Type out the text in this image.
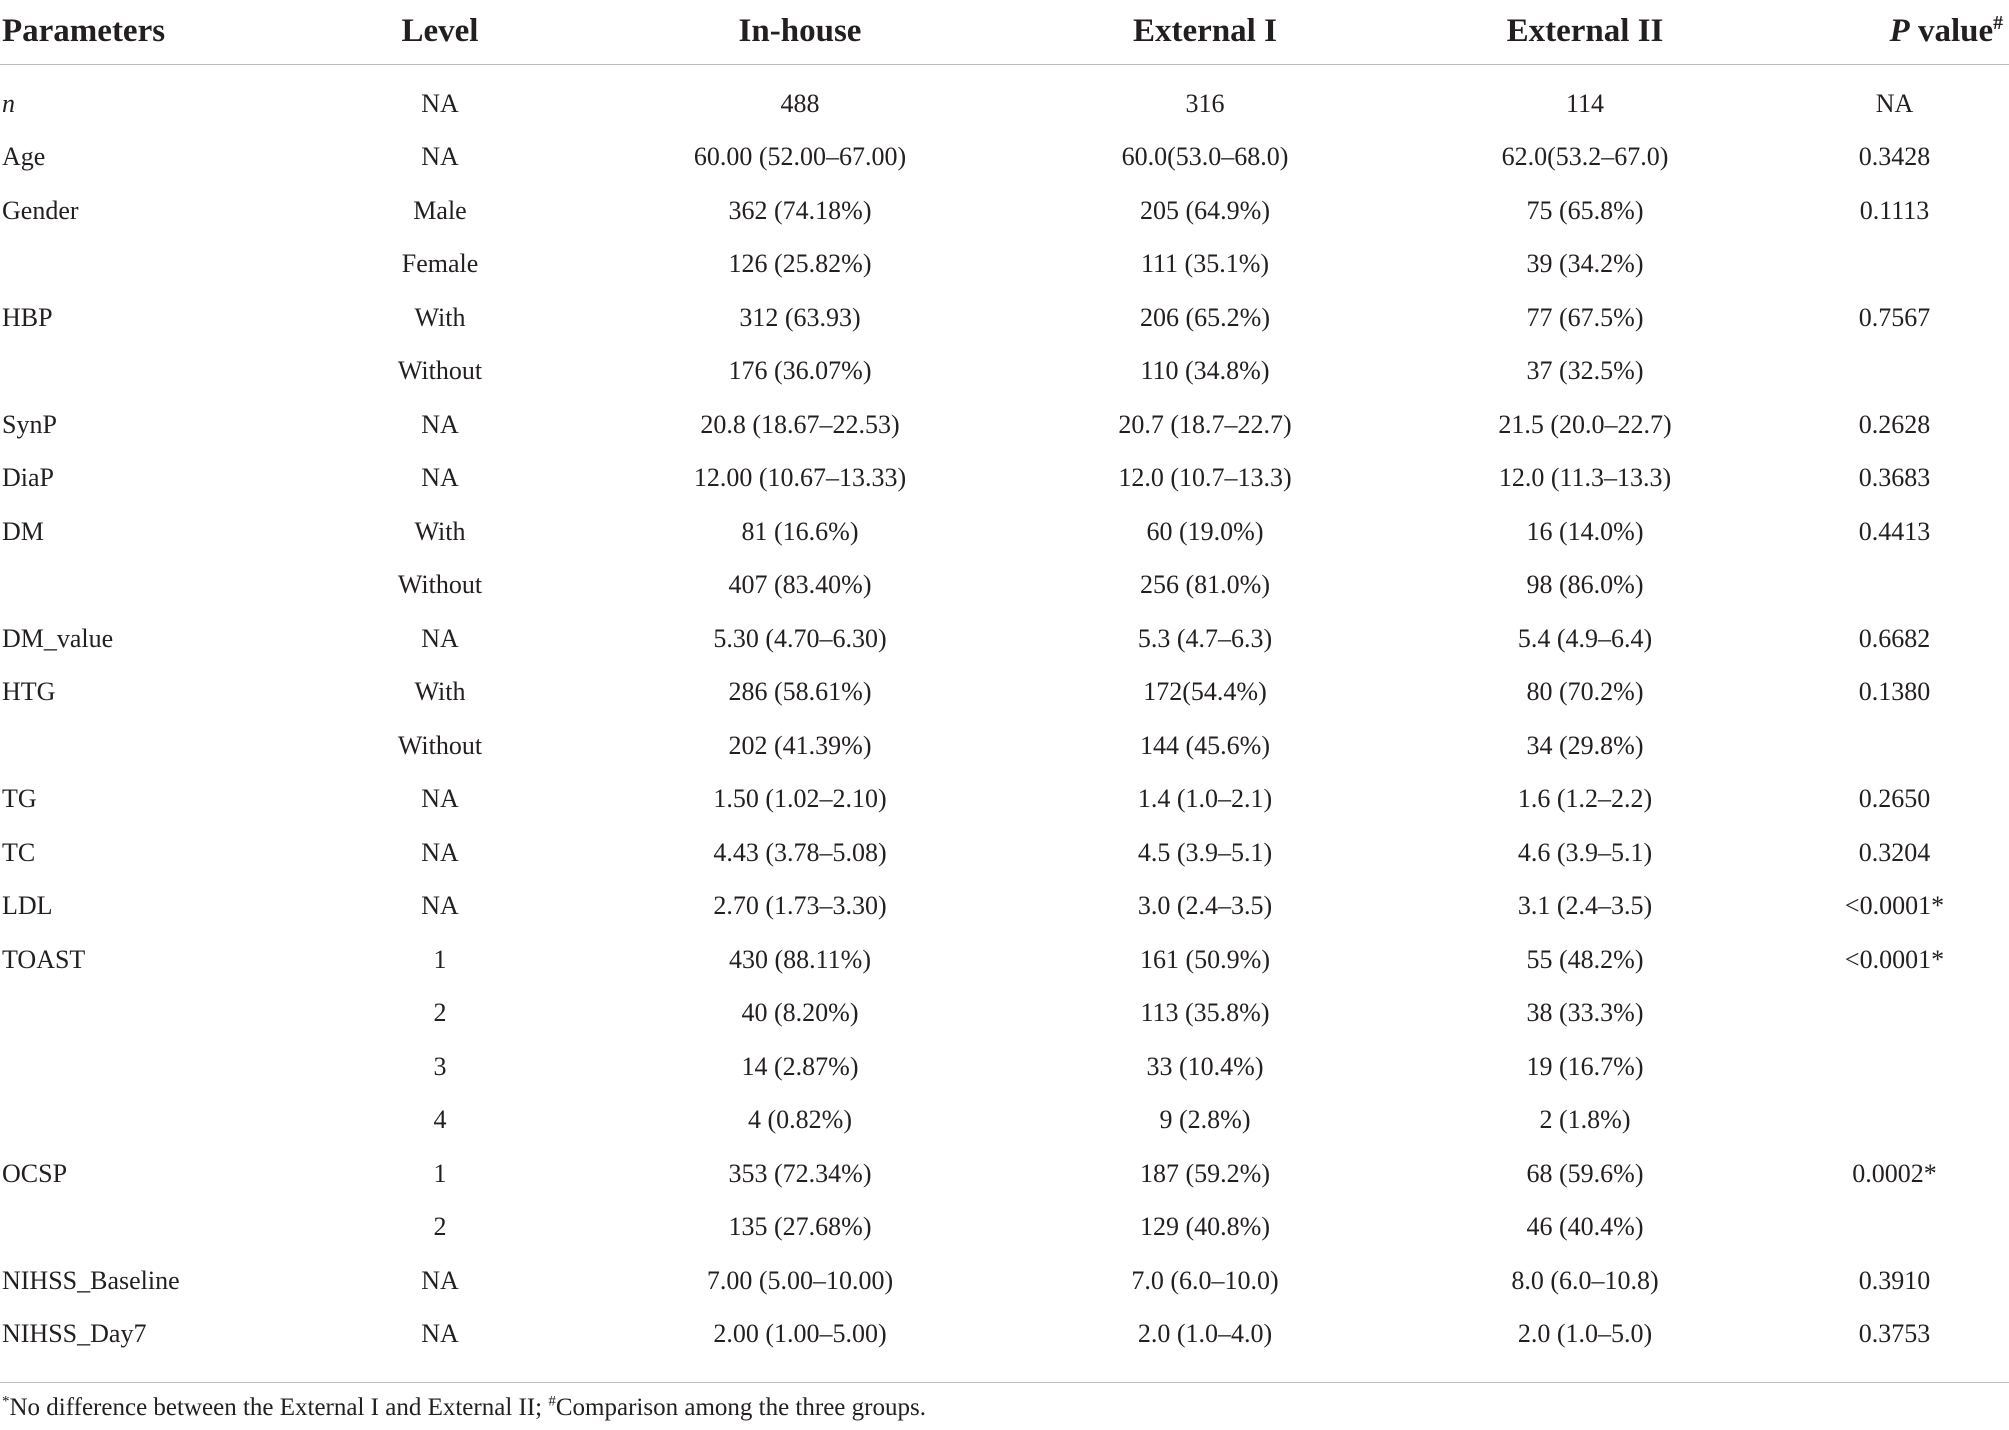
Parameters	Level	In-house	External I	External II	P value#
n	NA	488	316	114	NA
Age	NA	60.00 (52.00–67.00)	60.0(53.0–68.0)	62.0(53.2–67.0)	0.3428
Gender	Male	362 (74.18%)	205 (64.9%)	75 (65.8%)	0.1113
	Female	126 (25.82%)	111 (35.1%)	39 (34.2%)	
HBP	With	312 (63.93)	206 (65.2%)	77 (67.5%)	0.7567
	Without	176 (36.07%)	110 (34.8%)	37 (32.5%)	
SynP	NA	20.8 (18.67–22.53)	20.7 (18.7–22.7)	21.5 (20.0–22.7)	0.2628
DiaP	NA	12.00 (10.67–13.33)	12.0 (10.7–13.3)	12.0 (11.3–13.3)	0.3683
DM	With	81 (16.6%)	60 (19.0%)	16 (14.0%)	0.4413
	Without	407 (83.40%)	256 (81.0%)	98 (86.0%)	
DM_value	NA	5.30 (4.70–6.30)	5.3 (4.7–6.3)	5.4 (4.9–6.4)	0.6682
HTG	With	286 (58.61%)	172(54.4%)	80 (70.2%)	0.1380
	Without	202 (41.39%)	144 (45.6%)	34 (29.8%)	
TG	NA	1.50 (1.02–2.10)	1.4 (1.0–2.1)	1.6 (1.2–2.2)	0.2650
TC	NA	4.43 (3.78–5.08)	4.5 (3.9–5.1)	4.6 (3.9–5.1)	0.3204
LDL	NA	2.70 (1.73–3.30)	3.0 (2.4–3.5)	3.1 (2.4–3.5)	<0.0001*
TOAST	1	430 (88.11%)	161 (50.9%)	55 (48.2%)	<0.0001*
	2	40 (8.20%)	113 (35.8%)	38 (33.3%)	
	3	14 (2.87%)	33 (10.4%)	19 (16.7%)	
	4	4 (0.82%)	9 (2.8%)	2 (1.8%)	
OCSP	1	353 (72.34%)	187 (59.2%)	68 (59.6%)	0.0002*
	2	135 (27.68%)	129 (40.8%)	46 (40.4%)	
NIHSS_Baseline	NA	7.00 (5.00–10.00)	7.0 (6.0–10.0)	8.0 (6.0–10.8)	0.3910
NIHSS_Day7	NA	2.00 (1.00–5.00)	2.0 (1.0–4.0)	2.0 (1.0–5.0)	0.3753
*No difference between the External I and External II; #Comparison among the three groups.
